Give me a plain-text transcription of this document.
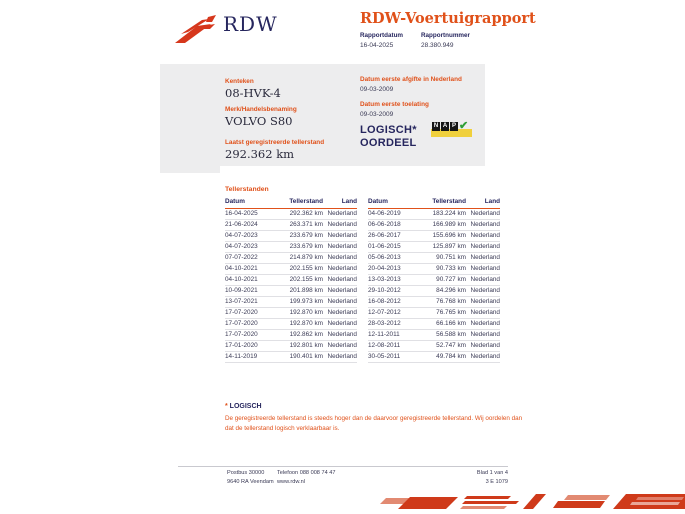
RDW	RDW-Voertuigrapport
Rapportdatum
16-04-2025
Rapportnummer
28.380.949
Kenteken
08-HVK-4
Merk/Handelsbenaming
VOLVO S80
Laatst geregistreerde tellerstand
292.362 km
Datum eerste afgifte in Nederland
09-03-2009
Datum eerste toelating
09-03-2009
LOGISCH*
OORDEEL
N A P ✔
Tellerstanden
Datum	Tellerstand	Land
16-04-2025	292.362 km Nederland
21-06-2024	263.371 km Nederland
04-07-2023	233.679 km Nederland
04-07-2023	233.679 km Nederland
07-07-2022	214.879 km Nederland
04-10-2021	202.155 km Nederland
04-10-2021	202.155 km Nederland
10-09-2021	201.898 km Nederland
13-07-2021	199.973 km Nederland
17-07-2020	192.870 km Nederland
17-07-2020	192.870 km Nederland
17-07-2020	192.862 km Nederland
17-01-2020	192.801 km Nederland
14-11-2019	190.401 km Nederland
Datum	Tellerstand	Land
04-06-2019	183.224 km Nederland
06-06-2018	166.989 km Nederland
26-06-2017	155.696 km Nederland
01-06-2015	125.897 km Nederland
05-06-2013	90.751 km Nederland
20-04-2013	90.733 km Nederland
13-03-2013	90.727 km Nederland
29-10-2012	84.296 km Nederland
16-08-2012	76.768 km Nederland
12-07-2012	76.765 km Nederland
28-03-2012	66.166 km Nederland
12-11-2011	56.588 km Nederland
12-08-2011	52.747 km Nederland
30-05-2011	49.784 km Nederland
* LOGISCH
De geregistreerde tellerstand is steeds hoger dan de daarvoor geregistreerde tellerstand. Wij oordelen dan
dat de tellerstand logisch verklaarbaar is.
Postbus 30000
9640 RA Veendam
Telefoon 088 008 74 47
www.rdw.nl
Blad 1 van 4
3 E 1079
